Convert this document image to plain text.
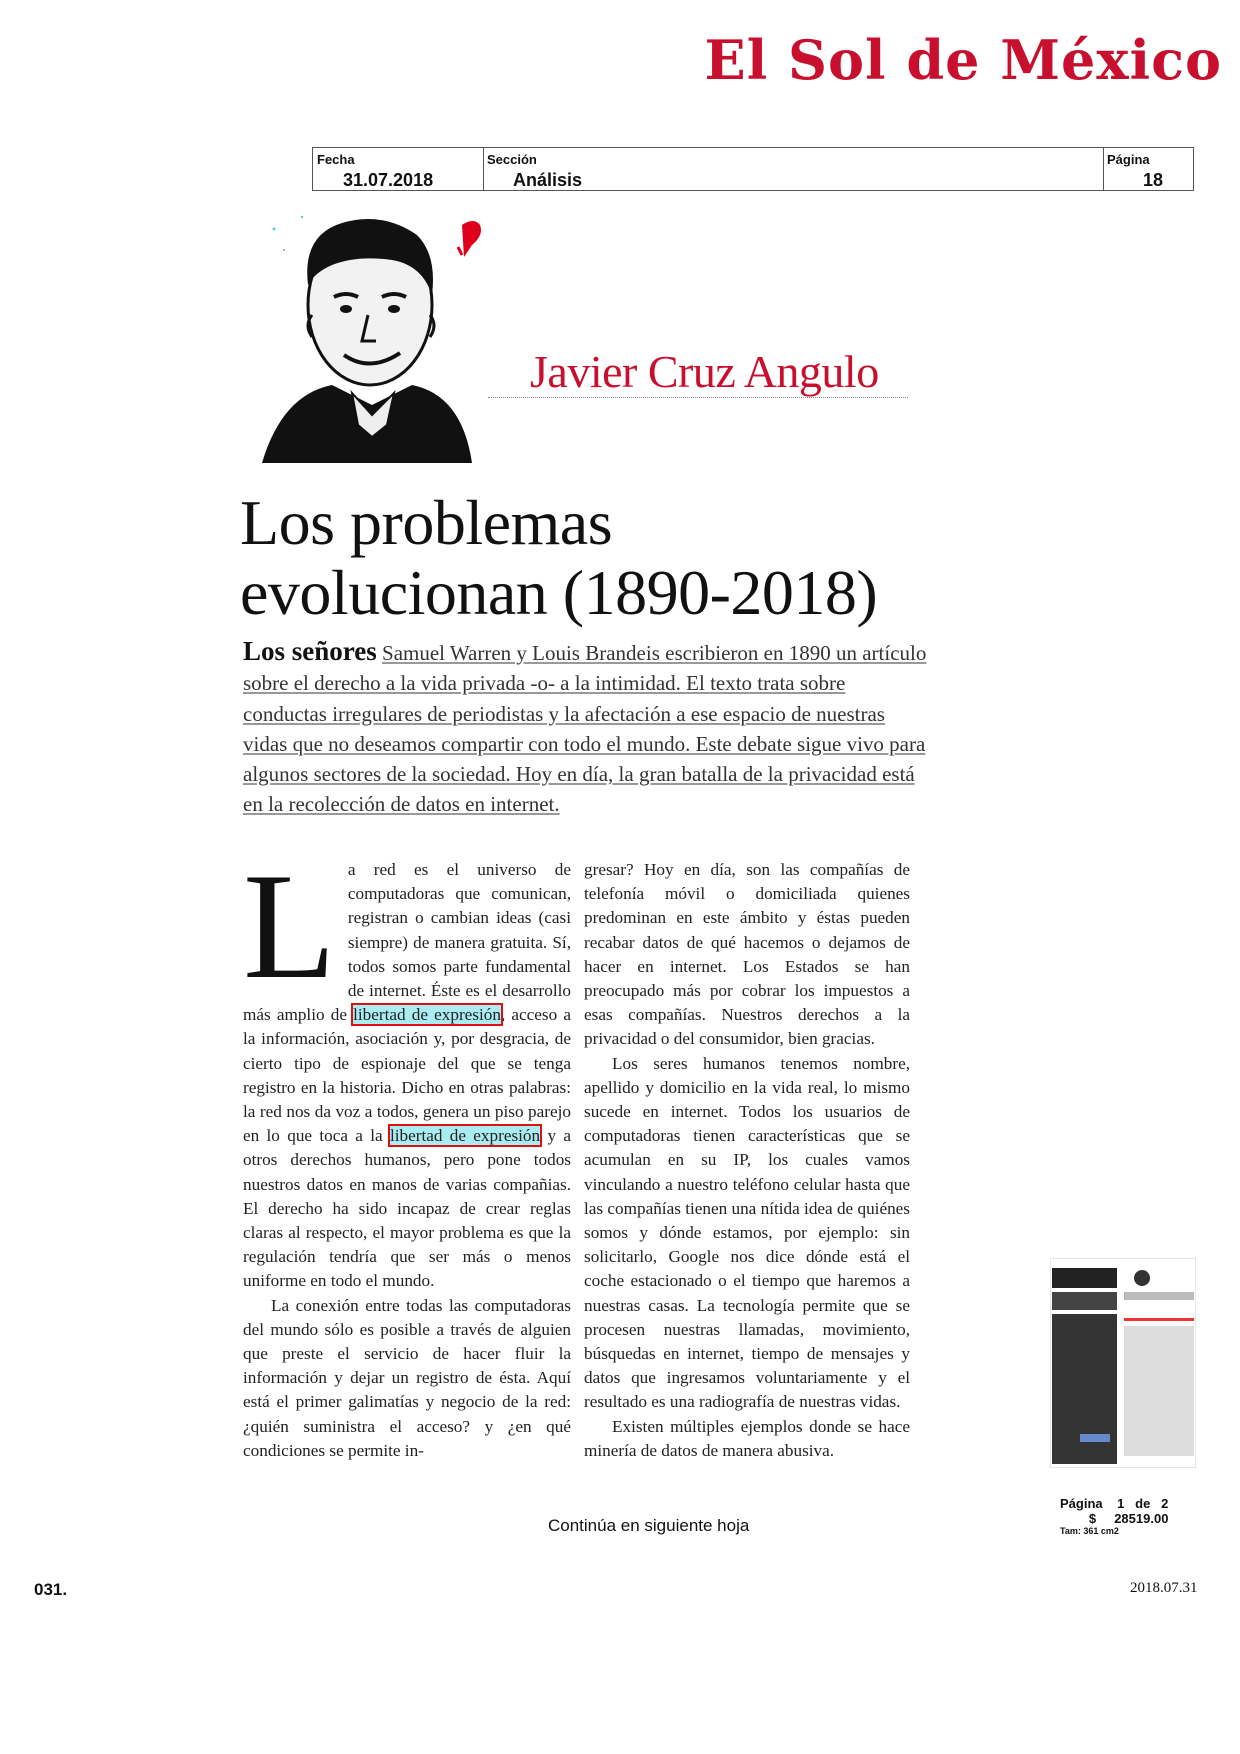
El Sol de México
Fecha
31.07.2018
Sección
Análisis
Página
18
Javier Cruz Angulo
Los problemas
evolucionan (1890-2018)
Los señores Samuel Warren y Louis Brandeis escribieron en 1890 un artículo sobre el derecho a la vida privada -o- a la intimidad. El texto trata sobre conductas irregulares de periodistas y la afectación a ese espacio de nuestras vidas que no deseamos compartir con todo el mundo. Este debate sigue vivo para algunos sectores de la sociedad. Hoy en día, la gran batalla de la privacidad está en la recolección de datos en internet.

La red es el universo de computadoras que comunican, registran o cambian ideas (casi siempre) de manera gratuita. Sí, todos somos parte fundamental de internet. Éste es el desarrollo más amplio de libertad de expresión, acceso a la información, asociación y, por desgracia, de cierto tipo de espionaje del que se tenga registro en la historia. Dicho en otras palabras: la red nos da voz a todos, genera un piso parejo en lo que toca a la libertad de expresión y a otros derechos humanos, pero pone todos nuestros datos en manos de varias compañias. El derecho ha sido incapaz de crear reglas claras al respecto, el mayor problema es que la regulación tendría que ser más o menos uniforme en todo el mundo.

La conexión entre todas las computadoras del mundo sólo es posible a través de alguien que preste el servicio de hacer fluir la información y dejar un registro de ésta. Aquí está el primer galimatías y negocio de la red: ¿quién suministra el acceso? y ¿en qué condiciones se permite in-

gresar? Hoy en día, son las compañías de telefonía móvil o domiciliada quienes predominan en este ámbito y éstas pueden recabar datos de qué hacemos o dejamos de hacer en internet. Los Estados se han preocupado más por cobrar los impuestos a esas compañías. Nuestros derechos a la privacidad o del consumidor, bien gracias.

Los seres humanos tenemos nombre, apellido y domicilio en la vida real, lo mismo sucede en internet. Todos los usuarios de computadoras tienen características que se acumulan en su IP, los cuales vamos vinculando a nuestro teléfono celular hasta que las compañías tienen una nítida idea de quiénes somos y dónde estamos, por ejemplo: sin solicitarlo, Google nos dice dónde está el coche estacionado o el tiempo que haremos a nuestras casas. La tecnología permite que se procesen nuestras llamadas, movimiento, búsquedas en internet, tiempo de mensajes y datos que ingresamos voluntariamente y el resultado es una radiografía de nuestras vidas.

Existen múltiples ejemplos donde se hace minería de datos de manera abusiva.

Continúa en siguiente hoja
Página 1 de 2
$ 28519.00
Tam: 361 cm2
031.	2018.07.31
